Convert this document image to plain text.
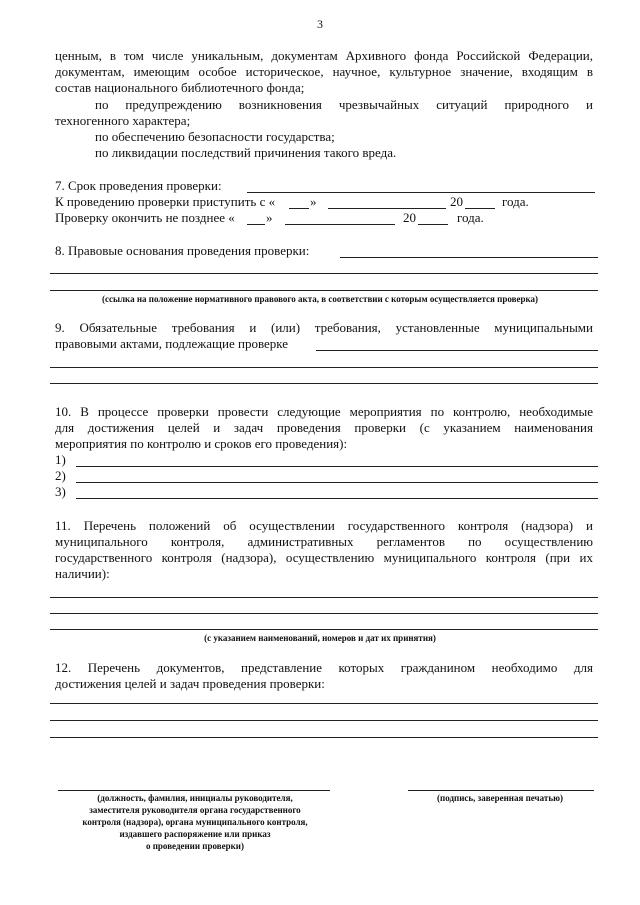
3
ценным, в том числе уникальным, документам Архивного фонда Российской Федерации,
документам, имеющим особое историческое, научное, культурное значение, входящим в
состав национального библиотечного фонда;
по предупреждению возникновения чрезвычайных ситуаций природного и
техногенного характера;
по обеспечению безопасности государства;
по ликвидации последствий причинения такого вреда.
7. Срок проведения проверки:
К проведению проверки приступить с «	»	20	года.
Проверку окончить не позднее « »	20	года.
8. Правовые основания проведения проверки:
(ссылка на положение нормативного правового акта, в соответствии с которым осуществляется проверка)
9. Обязательные требования и (или) требования, установленные муниципальными
правовыми актами, подлежащие проверке
10. В процессе проверки провести следующие мероприятия по контролю, необходимые
для достижения целей и задач проведения проверки (с указанием наименования
мероприятия по контролю и сроков его проведения):
1)
2)
3)
11. Перечень положений об осуществлении государственного контроля (надзора) и
муниципального контроля, административных регламентов по осуществлению
государственного контроля (надзора), осуществлению муниципального контроля (при их
наличии):
(с указанием наименований, номеров и дат их принятия)
12. Перечень документов, представление которых гражданином необходимо для
достижения целей и задач проведения проверки:
(должность, фамилия, инициалы руководителя,
заместителя руководителя органа государственного
контроля (надзора), органа муниципального контроля,
издавшего распоряжение или приказ
о проведении проверки)
(подпись, заверенная печатью)
